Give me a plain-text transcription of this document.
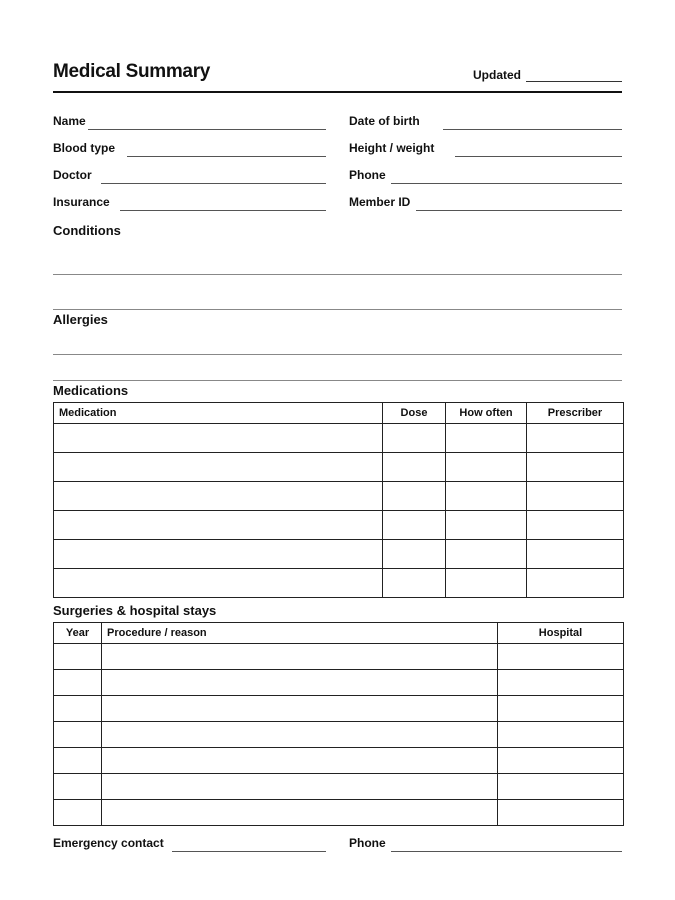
Medical Summary	Updated
Name	Date of birth
Blood type	Height / weight
Doctor	Phone
Insurance	Member ID
Conditions
Allergies
Medications
Medication	Dose	How often	Prescriber

Surgeries & hospital stays
Year	Procedure / reason	Hospital

Emergency contact	Phone
